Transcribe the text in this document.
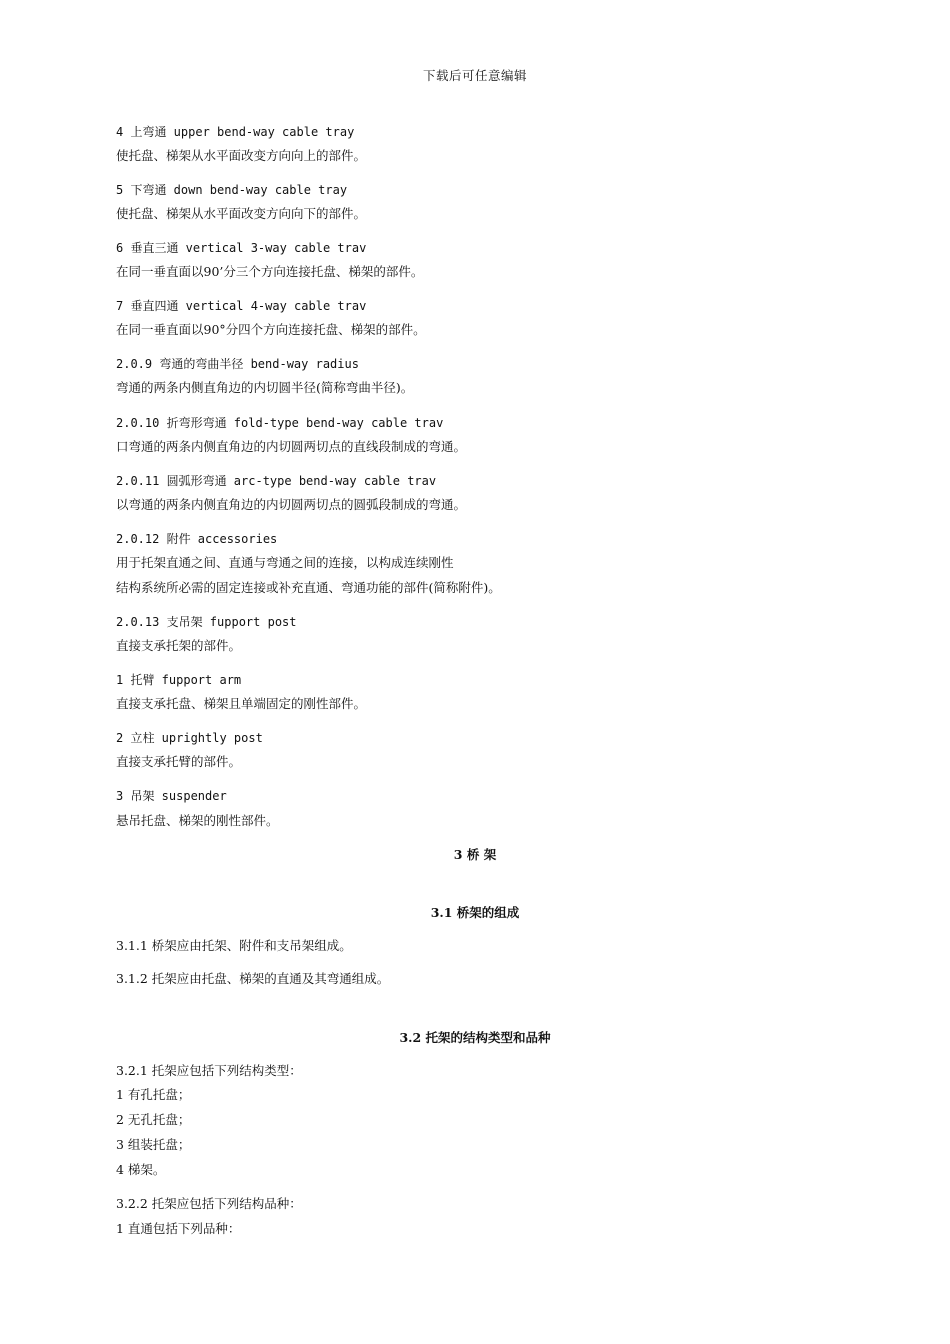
下载后可任意编辑
4 上弯通 upper bend-way cable tray
使托盘、梯架从水平面改变方向向上的部件。
5 下弯通 down bend-way cable tray
使托盘、梯架从水平面改变方向向下的部件。
6 垂直三通 vertical 3-way cable trav
在同一垂直面以90’分三个方向连接托盘、梯架的部件。
7 垂直四通 vertical 4-way cable trav
在同一垂直面以90°分四个方向连接托盘、梯架的部件。
2.0.9 弯通的弯曲半径 bend-way radius
弯通的两条内侧直角边的内切圆半径(简称弯曲半径)。
2.0.10 折弯形弯通 fold-type bend-way cable trav
口弯通的两条内侧直角边的内切圆两切点的直线段制成的弯通。
2.0.11 圆弧形弯通 arc-type bend-way cable trav
以弯通的两条内侧直角边的内切圆两切点的圆弧段制成的弯通。
2.0.12 附件 accessories
用于托架直通之间、直通与弯通之间的连接，以构成连续刚性
结构系统所必需的固定连接或补充直通、弯通功能的部件(简称附件)。
2.0.13 支吊架 fupport post
直接支承托架的部件。
1 托臂 fupport arm
直接支承托盘、梯架且单端固定的刚性部件。
2 立柱 uprightly post
直接支承托臂的部件。
3 吊架 suspender
悬吊托盘、梯架的刚性部件。
3 桥 架
3.1 桥架的组成
3.1.1 桥架应由托架、附件和支吊架组成。
3.1.2 托架应由托盘、梯架的直通及其弯通组成。
3.2 托架的结构类型和品种
3.2.1 托架应包括下列结构类型：
1 有孔托盘；
2 无孔托盘；
3 组装托盘；
4 梯架。
3.2.2 托架应包括下列结构品种：
1 直通包括下列品种：
